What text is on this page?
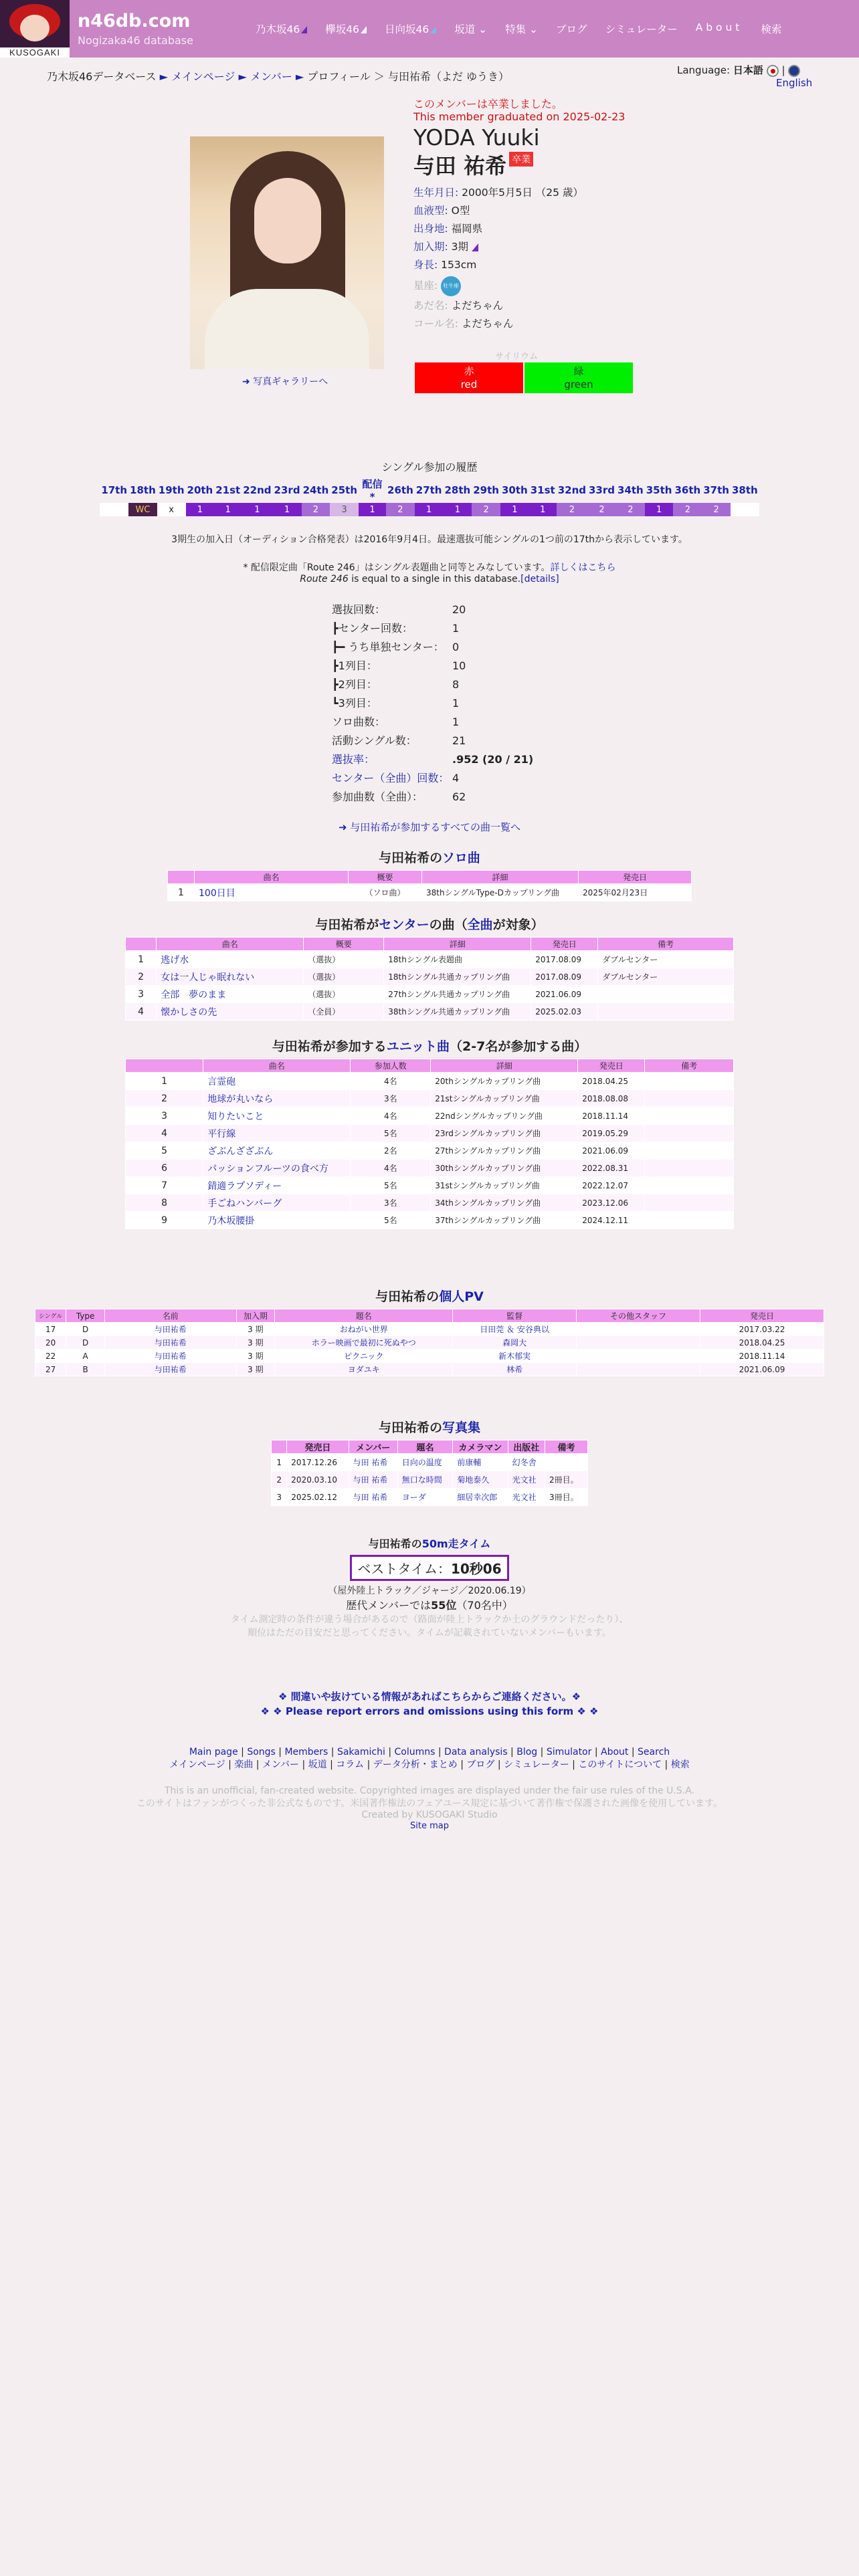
KUSOGAKI
n46db.com
Nogizaka46 database
乃木坂46	欅坂46	日向坂46	坂道 ⌄ 特集 ⌄ ブログ シミュレーター A b o u t 検索
乃木坂46データベース ► メインページ ► メンバー ► プロフィール ＞ 与田祐希（よだ ゆうき）	Language: 日本語 |
English
➜ 写真ギャラリーへ
このメンバーは卒業しました。
This member graduated on 2025-02-23
YODA Yuuki
与田 祐希 卒業
生年月日: 2000年5月5日 （25 歳）
血液型: O型
出身地: 福岡県
加入期: 3期
身長: 153cm
星座: 牡牛座
あだ名: よだちゃん
コール名: よだちゃん
サイリウム
赤
red
緑
green
シングル参加の履歴
17th	18th	19th	20th	21st	22nd	23rd	24th	25th	配信*	26th	27th	28th	29th	30th	31st	32nd	33rd	34th	35th	36th	37th	38th
	WC	x	1	1	1	1	2	3	1	2	1	1	2	1	1	2	2	2	1	2	2	
3期生の加入日（オーディション合格発表）は2016年9月4日。最速選抜可能シングルの1つ前の17thから表示しています。
* 配信限定曲「Route 246」はシングル表題曲と同等とみなしています。詳しくはこちら
Route 246 is equal to a single in this database.[details]
選抜回数：	20
┣センター回数：	1
┣━ うち単独センター： 0
┣1列目：	10
┣2列目：	8
┗3列目：	1
ソロ曲数：	1
活動シングル数：	21
選抜率：	.952 (20 / 21)
センター（全曲）回数： 4
参加曲数（全曲）：	62
➜ 与田祐希が参加するすべての曲一覧へ
与田祐希のソロ曲
	曲名	概要	詳細	発売日
1	100日目	（ソロ曲）	38thシングルType-Dカップリング曲	2025年02月23日
与田祐希がセンターの曲（全曲が対象）
	曲名	概要	詳細	発売日	備考
1	逃げ水	（選抜）	18thシングル表題曲	2017.08.09	ダブルセンター
2	女は一人じゃ眠れない	（選抜）	18thシングル共通カップリング曲	2017.08.09	ダブルセンター
3	全部　夢のまま	（選抜）	27thシングル共通カップリング曲	2021.06.09	
4	懐かしさの先	（全員）	38thシングル共通カップリング曲	2025.02.03	
与田祐希が参加するユニット曲（2-7名が参加する曲）
	曲名	参加人数	詳細	発売日	備考
1	言霊砲	4名	20thシングルカップリング曲	2018.04.25	
2	地球が丸いなら	3名	21stシングルカップリング曲	2018.08.08	
3	知りたいこと	4名	22ndシングルカップリング曲	2018.11.14	
4	平行線	5名	23rdシングルカップリング曲	2019.05.29	
5	ざぶんざざぶん	2名	27thシングルカップリング曲	2021.06.09	
6	パッションフルーツの食べ方	4名	30thシングルカップリング曲	2022.08.31	
7	錆適ラプソディー	5名	31stシングルカップリング曲	2022.12.07	
8	手ごねハンバーグ	3名	34thシングルカップリング曲	2023.12.06	
9	乃木坂腰掛	5名	37thシングルカップリング曲	2024.12.11	
与田祐希の個人PV
シングル	Type	名前	加入期	題名	監督	その他スタッフ	発売日
17	D	与田祐希	3 期	おねがい世界	日田莞 ＆ 安谷典以		2017.03.22
20	D	与田祐希	3 期	ホラー映画で最初に死ぬやつ	森岡大		2018.04.25
22	A	与田祐希	3 期	ピクニック	新木郁実		2018.11.14
27	B	与田祐希	3 期	ヨダユキ	林希		2021.06.09
与田祐希の写真集
	発売日	メンバー	題名	カメラマン	出版社	備考
1	2017.12.26	与田 祐希	日向の温度	前康輔	幻冬舎	
2	2020.03.10	与田 祐希	無口な時間	菊地泰久	光文社	2冊目。
3	2025.02.12	与田 祐希	ヨーダ	細居幸次郎	光文社	3冊目。
与田祐希の50m走タイム
ベストタイム：10秒06
（屋外陸上トラック／ジャージ／2020.06.19）
歴代メンバーでは55位（70名中）
タイム測定時の条件が違う場合があるので（路面が陸上トラックか土のグラウンドだったり）、
順位はただの目安だと思ってください。タイムが記載されていないメンバーもいます。
❖ 間違いや抜けている情報があればこちらからご連絡ください。❖
❖ ❖ Please report errors and omissions using this form ❖ ❖
Main page | Songs | Members | Sakamichi | Columns | Data analysis | Blog | Simulator | About | Search
メインページ | 楽曲 | メンバー | 坂道 | コラム | データ分析・まとめ | ブログ | シミュレーター | このサイトについて | 検索
This is an unofficial, fan-created website. Copyrighted images are displayed under the fair use rules of the U.S.A.
このサイトはファンがつくった非公式なものです。米国著作権法のフェアユース規定に基づいて著作権で保護された画像を使用しています。
Created by KUSOGAKI Studio
Site map
